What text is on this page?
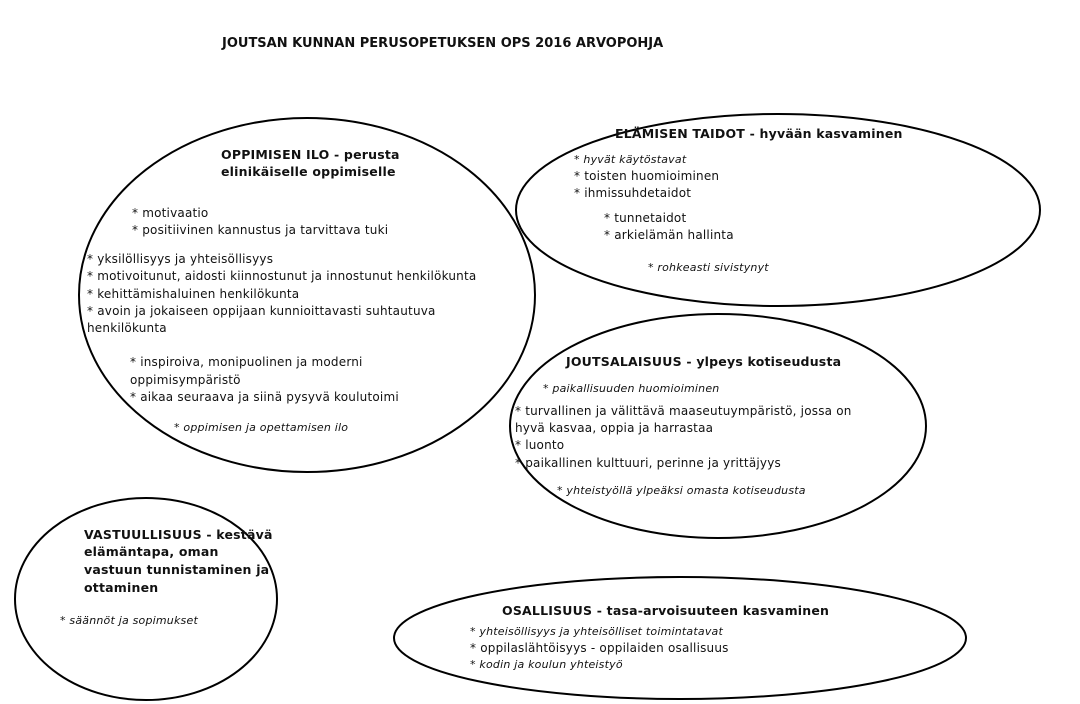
JOUTSAN KUNNAN PERUSOPETUKSEN OPS 2016 ARVOPOHJA
OPPIMISEN ILO - perusta
elinikäiselle oppimiselle
* motivaatio
* positiivinen kannustus ja tarvittava tuki
* yksilöllisyys ja yhteisöllisyys
* motivoitunut, aidosti kiinnostunut ja innostunut henkilökunta
* kehittämishaluinen henkilökunta
* avoin ja jokaiseen oppijaan kunnioittavasti suhtautuva
henkilökunta
* inspiroiva, monipuolinen ja moderni
oppimisympäristö
* aikaa seuraava ja siinä pysyvä koulutoimi
* oppimisen ja opettamisen ilo
ELÄMISEN TAIDOT - hyvään kasvaminen
* hyvät käytöstavat
* toisten huomioiminen
* ihmissuhdetaidot
* tunnetaidot
* arkielämän hallinta
* rohkeasti sivistynyt
JOUTSALAISUUS - ylpeys kotiseudusta
* paikallisuuden huomioiminen
* turvallinen ja välittävä maaseutuympäristö, jossa on
hyvä kasvaa, oppia ja harrastaa
* luonto
* paikallinen kulttuuri, perinne ja yrittäjyys
* yhteistyöllä ylpeäksi omasta kotiseudusta
VASTUULLISUUS - kestävä
elämäntapa, oman
vastuun tunnistaminen ja
ottaminen
* säännöt ja sopimukset
OSALLISUUS - tasa-arvoisuuteen kasvaminen
* yhteisöllisyys ja yhteisölliset toimintatavat
* oppilaslähtöisyys - oppilaiden osallisuus
* kodin ja koulun yhteistyö
